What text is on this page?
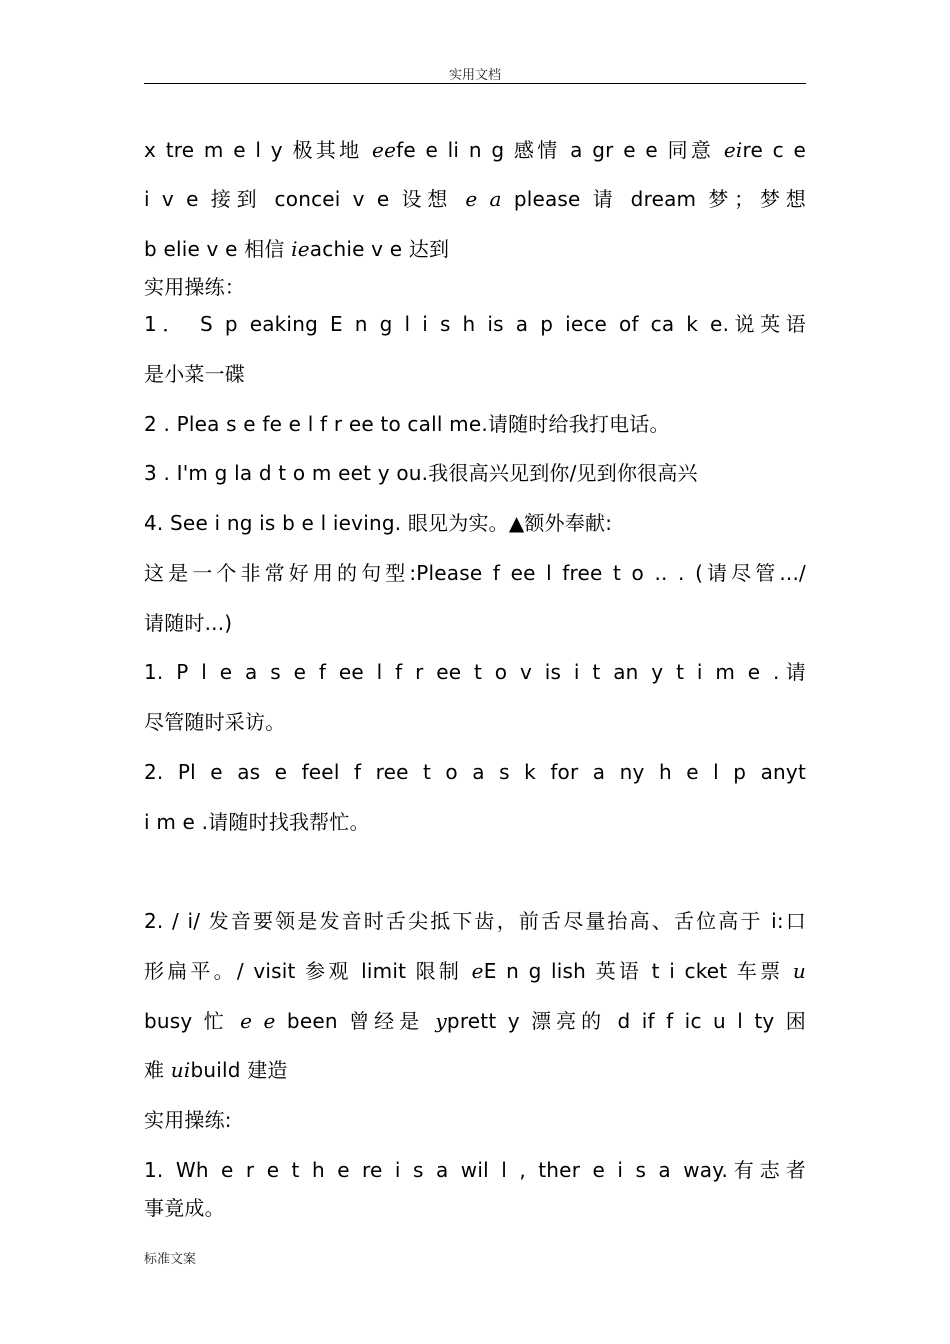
实用文档
x tre m e l y 极其地 eefe e li n g 感情 a gr e e 同意 eire c e
i v e 接到 concei v e 设想 e a please 请 dream 梦；梦想
b elie v e 相信 ieachie v e 达到
实用操练：
1． S p eaking E n g l i s h is a p iece of ca k e.说英语
是小菜一碟
2 . Plea s e fe e l f r ee to call me.请随时给我打电话。
3 . I'm g la d t o m eet y ou.我很高兴见到你/见到你很高兴
4. See i ng is b e l ieving. 眼见为实。▲额外奉献:
这是一个非常好用的句型:Please f ee l free t o .. . (请尽管.../
请随时...)
1. P l e a s e f ee l f r ee t o v is i t an y t i m e .请
尽管随时采访。
2. Pl e as e feel f ree t o a s k for a ny h e l p anyt
i m e .请随时找我帮忙。
2. / i/ 发音要领是发音时舌尖抵下齿，前舌尽量抬高、舌位高于 i:口
形扁平。/ visit 参观 limit 限制 eE n g lish 英语 t i cket 车票 u
busy 忙 e e been 曾经是 yprett y 漂亮的 d if f ic u l ty 困
难 uibuild 建造
实用操练:
1. Wh e r e t h e re i s a wil l , ther e i s a way.有志者
事竟成。
标准文案
